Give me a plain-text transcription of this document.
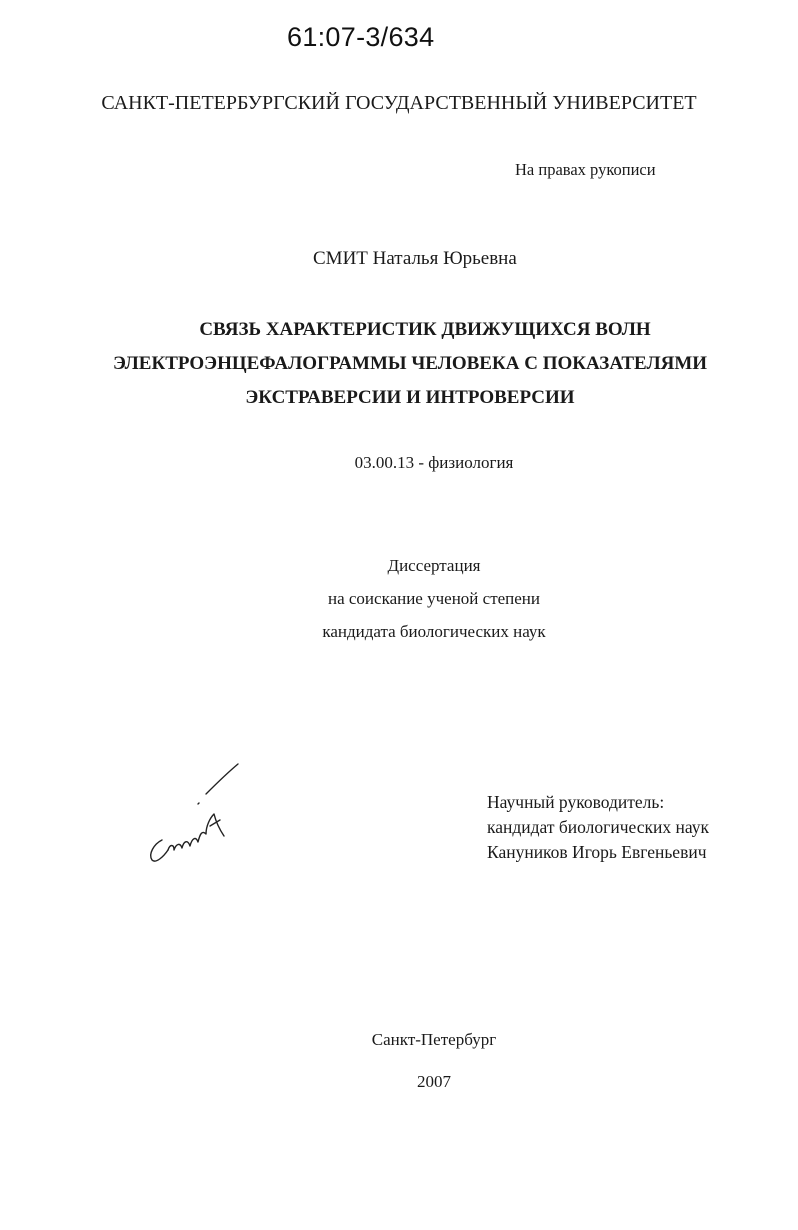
61:07-3/634
САНКТ-ПЕТЕРБУРГСКИЙ ГОСУДАРСТВЕННЫЙ УНИВЕРСИТЕТ
На правах рукописи
СМИТ Наталья Юрьевна
СВЯЗЬ ХАРАКТЕРИСТИК ДВИЖУЩИХСЯ ВОЛН
ЭЛЕКТРОЭНЦЕФАЛОГРАММЫ ЧЕЛОВЕКА С ПОКАЗАТЕЛЯМИ
ЭКСТРАВЕРСИИ И ИНТРОВЕРСИИ
03.00.13 - физиология
Диссертация
на соискание ученой степени
кандидата биологических наук
Научный руководитель:
кандидат биологических наук
Кануников Игорь Евгеньевич
Санкт-Петербург
2007
